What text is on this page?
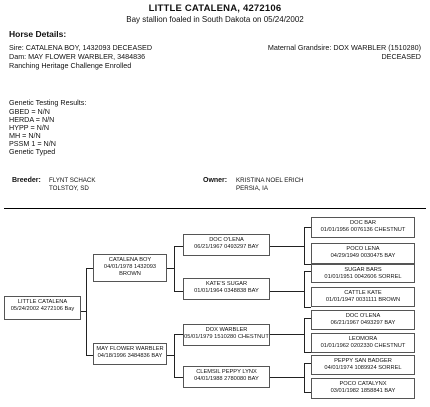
LITTLE CATALENA, 4272106
Bay stallion foaled in South Dakota on 05/24/2002
Horse Details:
Sire: CATALENA BOY, 1432093 DECEASED
Dam: MAY FLOWER WARBLER, 3484836
Ranching Heritage Challenge Enrolled
Maternal Grandsire: DOX WARBLER (1510280)
DECEASED
Genetic Testing Results:
GBED = N/N
HERDA = N/N
HYPP = N/N
MH = N/N
PSSM 1 = N/N
Genetic Typed
Breeder: FLYNT SCHACK
TOLSTOY, SD
Owner: KRISTINA NOEL ERICH
PERSIA, IA
LITTLE CATALENA
05/24/2002 4272106 Bay
CATALENA BOY
04/01/1978 1432093
BROWN
MAY FLOWER WARBLER
04/18/1996 3484836 BAY
DOC O'LENA
06/21/1967 0493297 BAY
KATE'S SUGAR
01/01/1964 0348838 BAY
DOX WARBLER
05/01/1979 1510280 CHESTNUT
CLEMSIL PEPPY LYNX
04/01/1988 2780080 BAY
DOC BAR
01/01/1956 0076136 CHESTNUT
POCO LENA
04/29/1949 0030475 BAY
SUGAR BARS
01/01/1951 0042606 SORREL
CATTLE KATE
01/01/1947 0031111 BROWN
DOC O'LENA
06/21/1967 0493297 BAY
LEOMORA
01/01/1962 0202330 CHESTNUT
PEPPY SAN BADGER
04/01/1974 1089924 SORREL
POCO CATALYNX
03/01/1982 1858841 BAY
